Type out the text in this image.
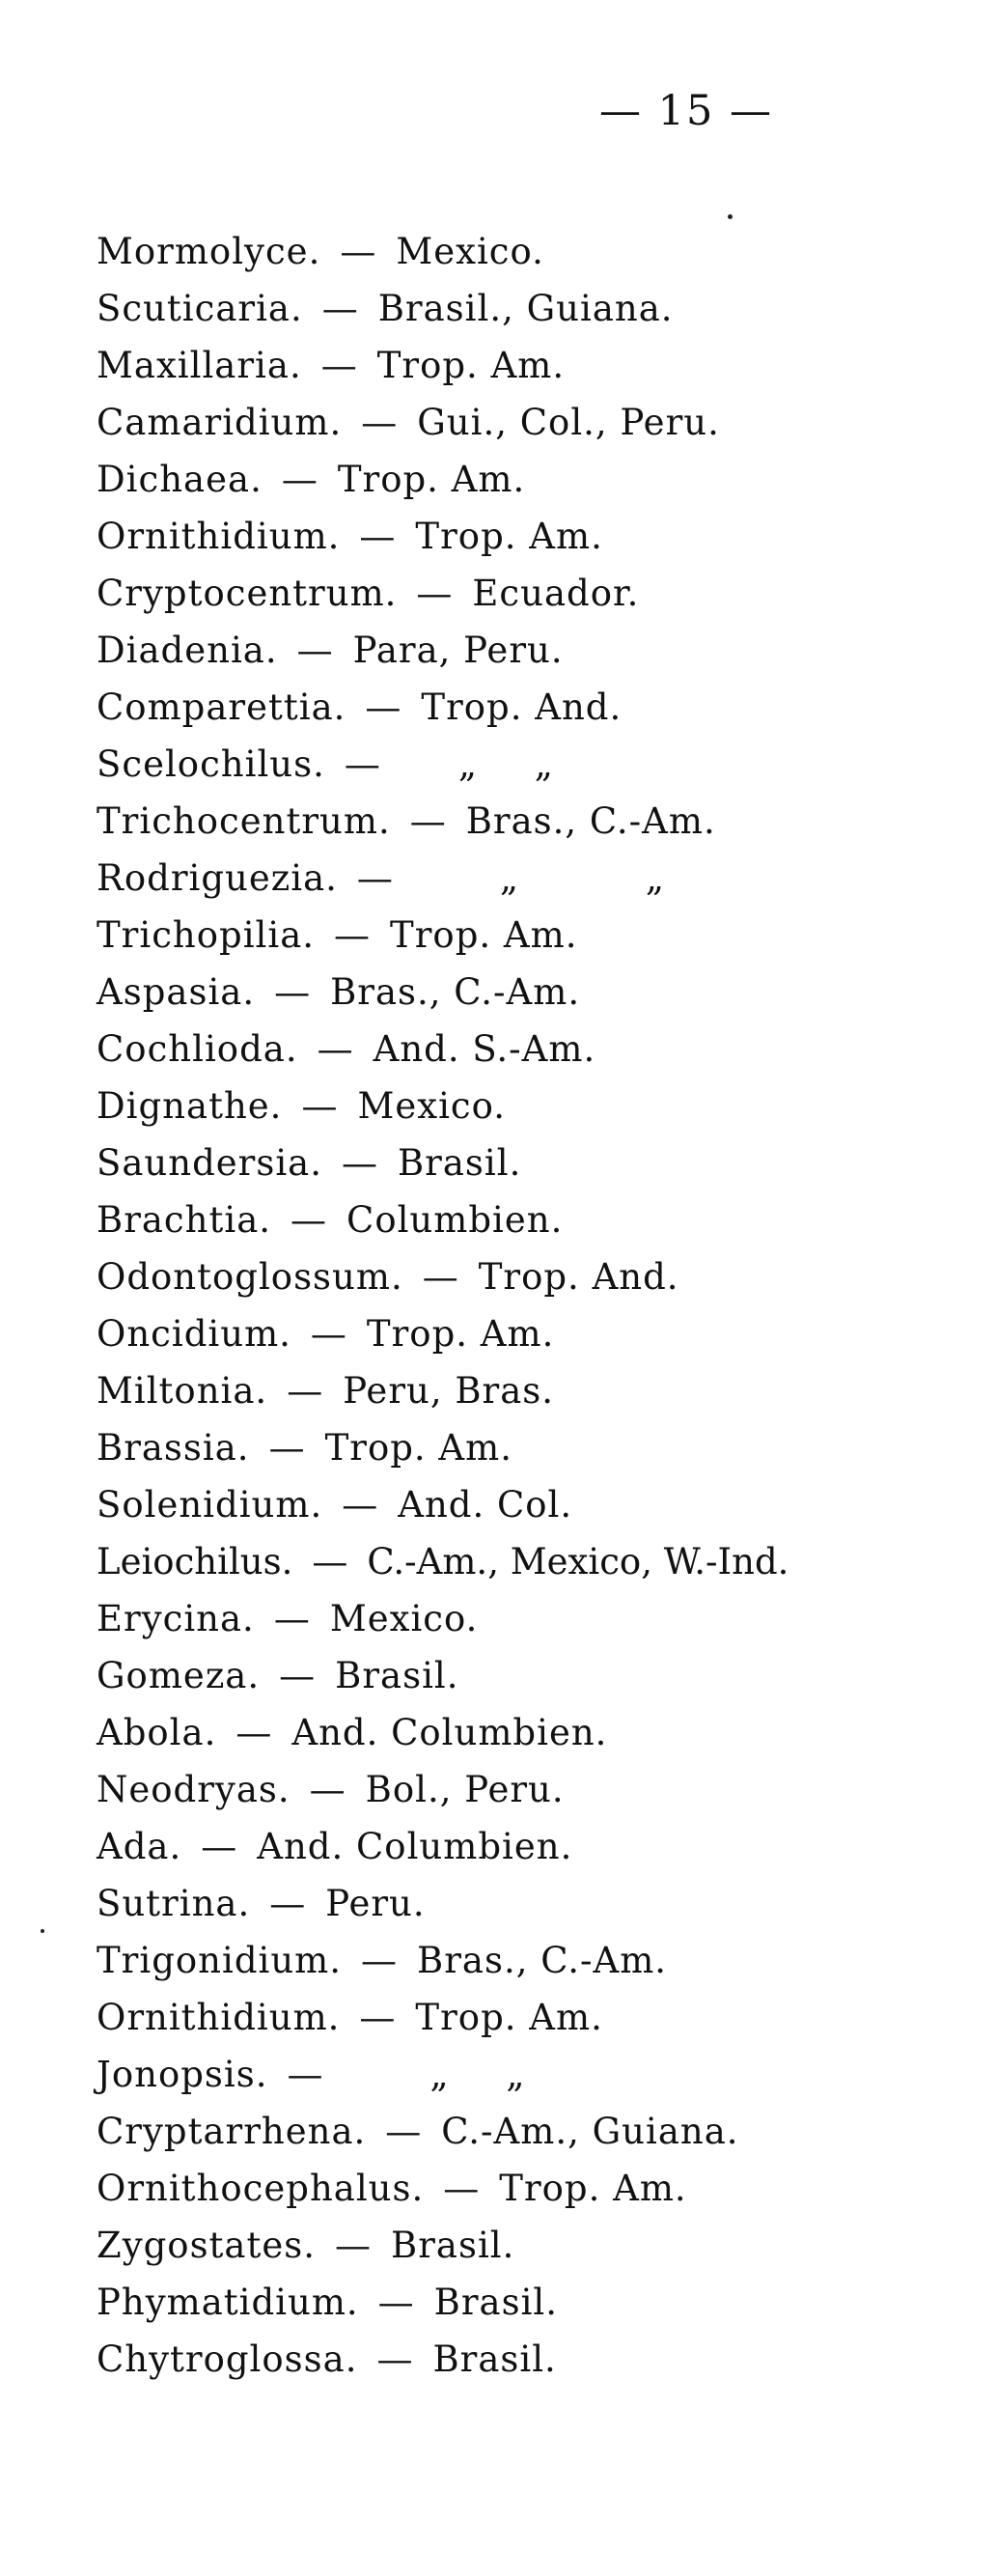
— 15 —
Mormolyce. — Mexico.
Scuticaria. — Brasil., Guiana.
Maxillaria. — Trop. Am.
Camaridium. — Gui., Col., Peru.
Dichaea. — Trop. Am.
Ornithidium. — Trop. Am.
Cryptocentrum. — Ecuador.
Diadenia. — Para, Peru.
Comparettia. — Trop. And.
Scelochilus. — „ „
Trichocentrum. — Bras., C.-Am.
Rodriguezia. —	„ „
Trichopilia. — Trop. Am.
Aspasia. — Bras., C.-Am.
Cochlioda. — And. S.-Am.
Dignathe. — Mexico.
Saundersia. — Brasil.
Brachtia. — Columbien.
Odontoglossum. — Trop. And.
Oncidium. — Trop. Am.
Miltonia. — Peru, Bras.
Brassia. — Trop. Am.
Solenidium. — And. Col.
Leiochilus. — C.-Am., Mexico, W.-Ind.
Erycina. — Mexico.
Gomeza. — Brasil.
Abola. — And. Columbien.
Neodryas. — Bol., Peru.
Ada. — And. Columbien.
Sutrina. — Peru.
Trigonidium. — Bras., C.-Am.
Ornithidium. — Trop. Am.
Jonopsis. —	„ „
Cryptarrhena. — C.-Am., Guiana.
Ornithocephalus. — Trop. Am.
Zygostates. — Brasil.
Phymatidium. — Brasil.
Chytroglossa. — Brasil.
